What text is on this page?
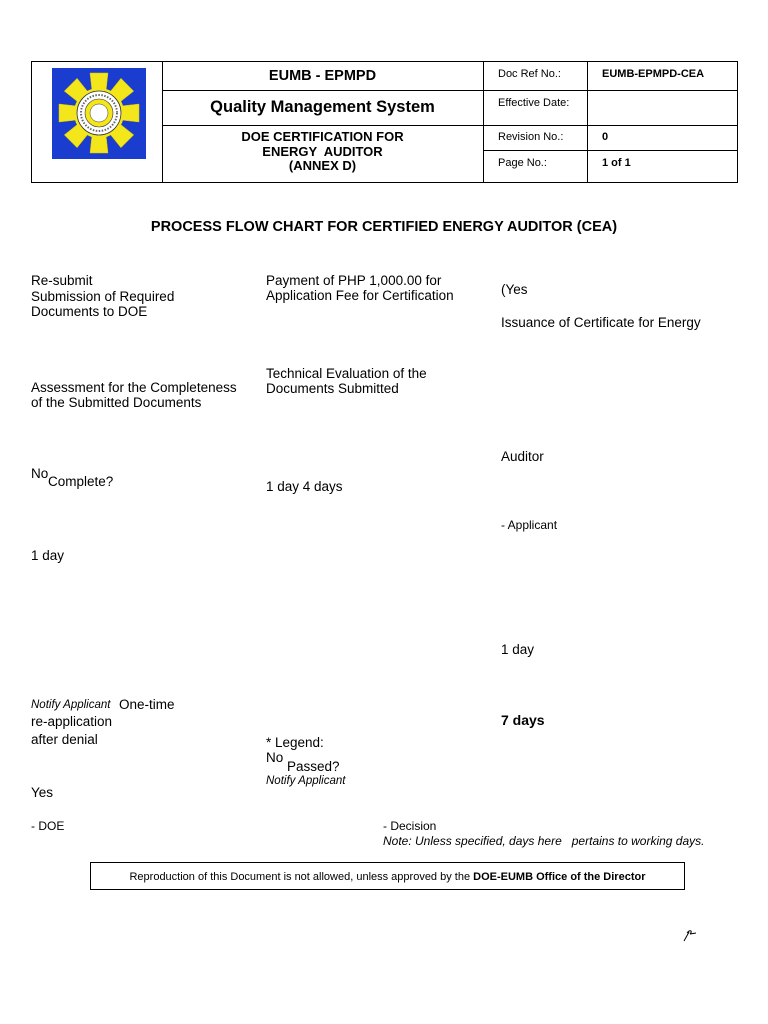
EUMB - EPMPD
Quality Management System
DOE CERTIFICATION FOR
ENERGY  AUDITOR
(ANNEX D)
Doc Ref No.:	EUMB-EPMPD-CEA
Effective Date:
Revision No.:	0
Page No.:	1 of 1
PROCESS FLOW CHART FOR CERTIFIED ENERGY AUDITOR (CEA)
Re-submit
Submission of Required
Documents to DOE
Assessment for the Completeness
of the Submitted Documents
No
Complete?
1 day
Notify Applicant One-time
re-application
after denial
Yes
- DOE
Payment of PHP 1,000.00 for
Application Fee for Certification
Technical Evaluation of the
Documents Submitted
1 day 4 days
* Legend:
No
Passed?
Notify Applicant
- Decision
(Yes
Issuance of Certificate for Energy
Auditor
- Applicant
1 day
7 days
Note: Unless specified, days here   pertains to working days.
Reproduction of this Document is not allowed, unless approved by the DOE-EUMB Office of the Director
